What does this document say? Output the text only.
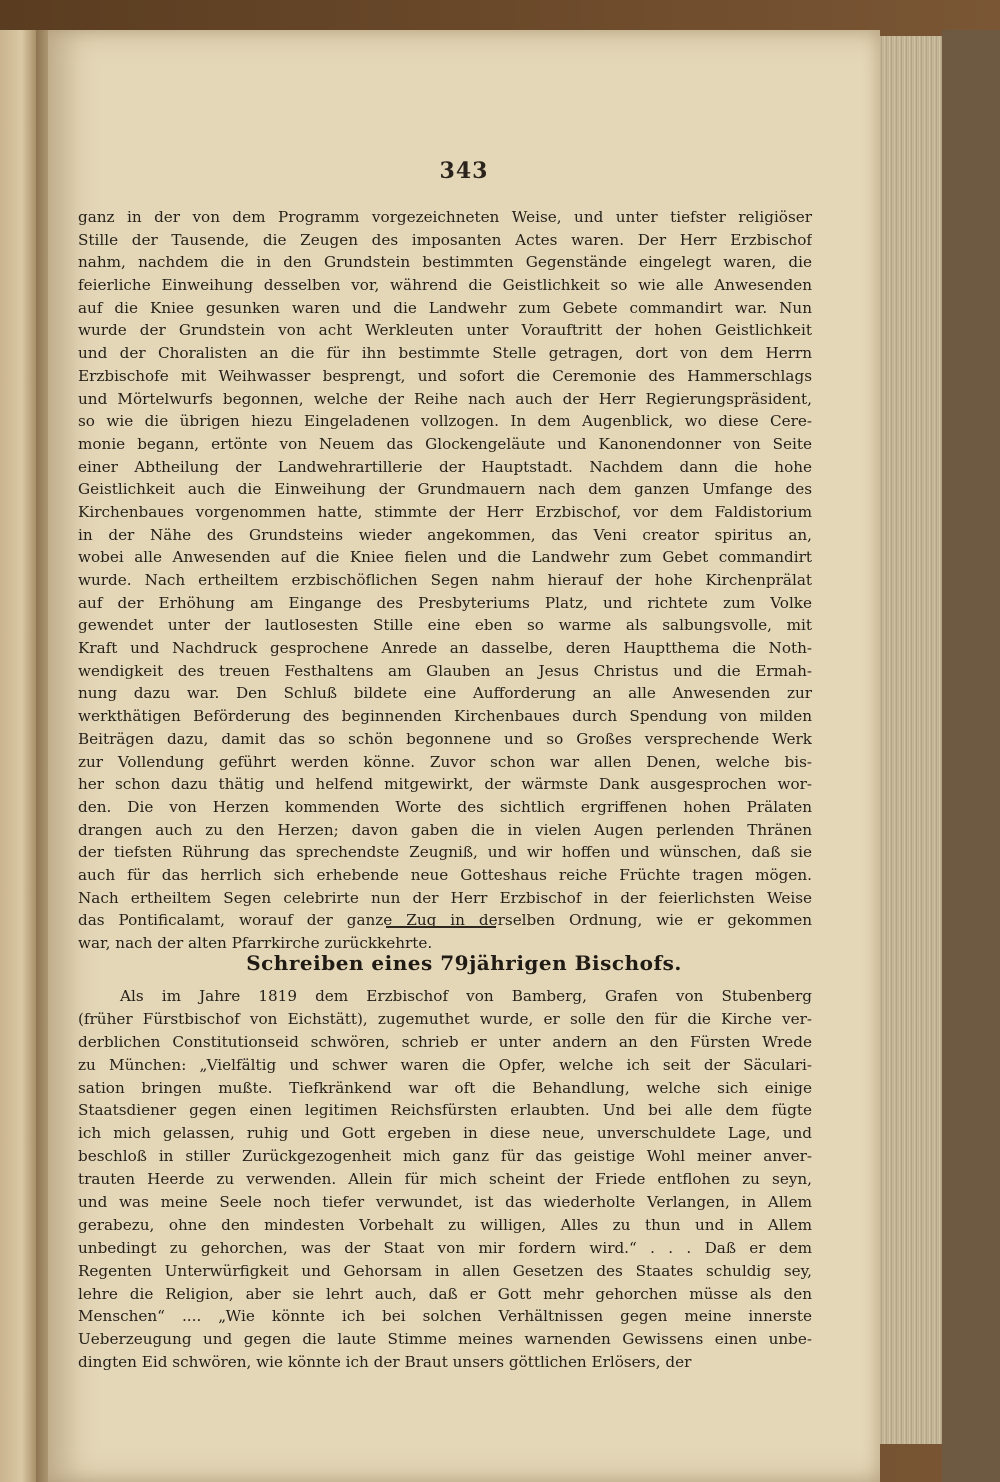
343
ganz in der von dem Programm vorgezeichneten Weise, und unter tiefster religiöser
Stille der Tausende, die Zeugen des imposanten Actes waren. Der Herr Erzbischof
nahm, nachdem die in den Grundstein bestimmten Gegenstände eingelegt waren, die
feierliche Einweihung desselben vor, während die Geistlichkeit so wie alle Anwesenden
auf die Kniee gesunken waren und die Landwehr zum Gebete commandirt war. Nun
wurde der Grundstein von acht Werkleuten unter Vorauftritt der hohen Geistlichkeit
und der Choralisten an die für ihn bestimmte Stelle getragen, dort von dem Herrn
Erzbischofe mit Weihwasser besprengt, und sofort die Ceremonie des Hammerschlags
und Mörtelwurfs begonnen, welche der Reihe nach auch der Herr Regierungspräsident,
so wie die übrigen hiezu Eingeladenen vollzogen. In dem Augenblick, wo diese Cere-
monie begann, ertönte von Neuem das Glockengeläute und Kanonendonner von Seite
einer Abtheilung der Landwehrartillerie der Hauptstadt. Nachdem dann die hohe
Geistlichkeit auch die Einweihung der Grundmauern nach dem ganzen Umfange des
Kirchenbaues vorgenommen hatte, stimmte der Herr Erzbischof, vor dem Faldistorium
in der Nähe des Grundsteins wieder angekommen, das Veni creator spiritus an,
wobei alle Anwesenden auf die Kniee fielen und die Landwehr zum Gebet commandirt
wurde. Nach ertheiltem erzbischöflichen Segen nahm hierauf der hohe Kirchenprälat
auf der Erhöhung am Eingange des Presbyteriums Platz, und richtete zum Volke
gewendet unter der lautlosesten Stille eine eben so warme als salbungsvolle, mit
Kraft und Nachdruck gesprochene Anrede an dasselbe, deren Hauptthema die Noth-
wendigkeit des treuen Festhaltens am Glauben an Jesus Christus und die Ermah-
nung dazu war. Den Schluß bildete eine Aufforderung an alle Anwesenden zur
werkthätigen Beförderung des beginnenden Kirchenbaues durch Spendung von milden
Beiträgen dazu, damit das so schön begonnene und so Großes versprechende Werk
zur Vollendung geführt werden könne. Zuvor schon war allen Denen, welche bis-
her schon dazu thätig und helfend mitgewirkt, der wärmste Dank ausgesprochen wor-
den. Die von Herzen kommenden Worte des sichtlich ergriffenen hohen Prälaten
drangen auch zu den Herzen; davon gaben die in vielen Augen perlenden Thränen
der tiefsten Rührung das sprechendste Zeugniß, und wir hoffen und wünschen, daß sie
auch für das herrlich sich erhebende neue Gotteshaus reiche Früchte tragen mögen.
Nach ertheiltem Segen celebrirte nun der Herr Erzbischof in der feierlichsten Weise
das Pontificalamt, worauf der ganze Zug in derselben Ordnung, wie er gekommen
war, nach der alten Pfarrkirche zurückkehrte.
Schreiben eines 79jährigen Bischofs.
Als im Jahre 1819 dem Erzbischof von Bamberg, Grafen von Stubenberg
(früher Fürstbischof von Eichstätt), zugemuthet wurde, er solle den für die Kirche ver-
derblichen Constitutionseid schwören, schrieb er unter andern an den Fürsten Wrede
zu München: „Vielfältig und schwer waren die Opfer, welche ich seit der Säculari-
sation bringen mußte. Tiefkränkend war oft die Behandlung, welche sich einige
Staatsdiener gegen einen legitimen Reichsfürsten erlaubten. Und bei alle dem fügte
ich mich gelassen, ruhig und Gott ergeben in diese neue, unverschuldete Lage, und
beschloß in stiller Zurückgezogenheit mich ganz für das geistige Wohl meiner anver-
trauten Heerde zu verwenden. Allein für mich scheint der Friede entflohen zu seyn,
und was meine Seele noch tiefer verwundet, ist das wiederholte Verlangen, in Allem
gerabezu, ohne den mindesten Vorbehalt zu willigen, Alles zu thun und in Allem
unbedingt zu gehorchen, was der Staat von mir fordern wird.“ . . . Daß er dem
Regenten Unterwürfigkeit und Gehorsam in allen Gesetzen des Staates schuldig sey,
lehre die Religion, aber sie lehrt auch, daß er Gott mehr gehorchen müsse als den
Menschen“ .... „Wie könnte ich bei solchen Verhältnissen gegen meine innerste
Ueberzeugung und gegen die laute Stimme meines warnenden Gewissens einen unbe-
dingten Eid schwören, wie könnte ich der Braut unsers göttlichen Erlösers, der
